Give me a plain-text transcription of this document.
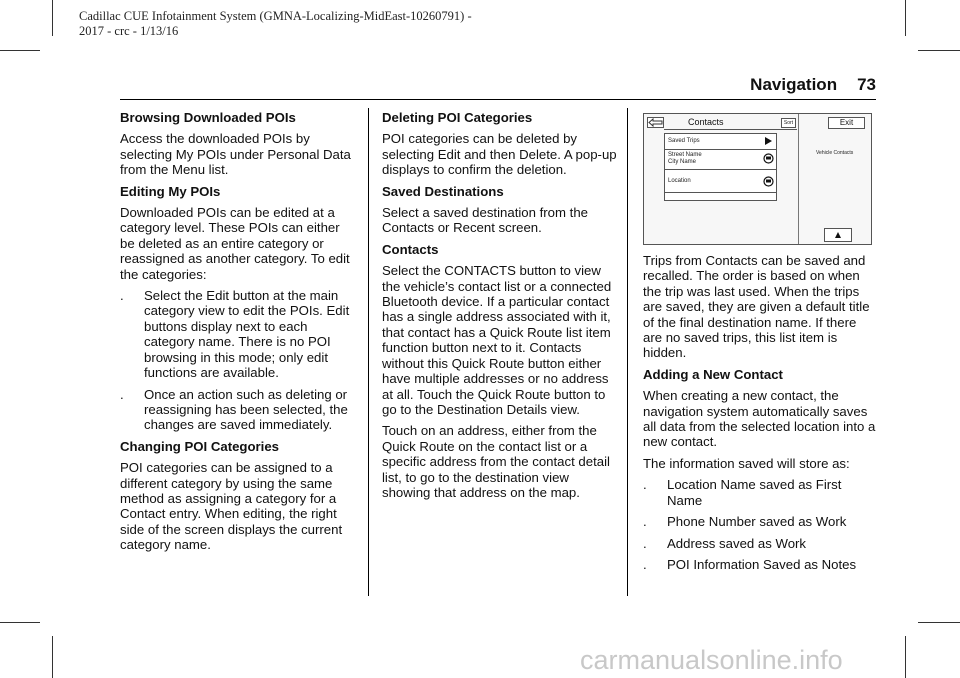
Cadillac CUE Infotainment System (GMNA-Localizing-MidEast-10260791) -
2017 - crc - 1/13/16
Navigation 73
Browsing Downloaded POIs

Access the downloaded POIs by selecting My POIs under Personal Data from the Menu list.

Editing My POIs

Downloaded POIs can be edited at a category level. These POIs can either be deleted as an entire category or reassigned as another category. To edit the categories:

. Select the Edit button at the main category view to edit the POIs. Edit buttons display next to each category name. There is no POI browsing in this mode; only edit functions are available.
. Once an action such as deleting or reassigning has been selected, the changes are saved immediately.
Changing POI Categories

POI categories can be assigned to a different category by using the same method as assigning a category for a Contact entry. When editing, the right side of the screen displays the current category name.

Deleting POI Categories

POI categories can be deleted by selecting Edit and then Delete. A pop-up displays to confirm the deletion.

Saved Destinations

Select a saved destination from the Contacts or Recent screen.

Contacts

Select the CONTACTS button to view the vehicle’s contact list or a connected Bluetooth device. If a particular contact has a single address associated with it, that contact has a Quick Route list item function button next to it. Contacts without this Quick Route button either have multiple addresses or no address at all. Touch the Quick Route button to go to the Destination Details view.

Touch on an address, either from the Quick Route on the contact list or a specific address from the contact detail list, to go to the destination view showing that address on the map.

Contacts	Sort	Exit
Vehicle Contacts
Saved Trips
Street Name
City Name
Location

Trips from Contacts can be saved and recalled. The order is based on when the trip was last used. When the trips are saved, they are given a default title of the final destination name. If there are no saved trips, this list item is hidden.

Adding a New Contact

When creating a new contact, the navigation system automatically saves all data from the selected location into a new contact.

The information saved will store as:

. Location Name saved as First Name
. Phone Number saved as Work
. Address saved as Work
. POI Information Saved as Notes
carmanualsonline.info
